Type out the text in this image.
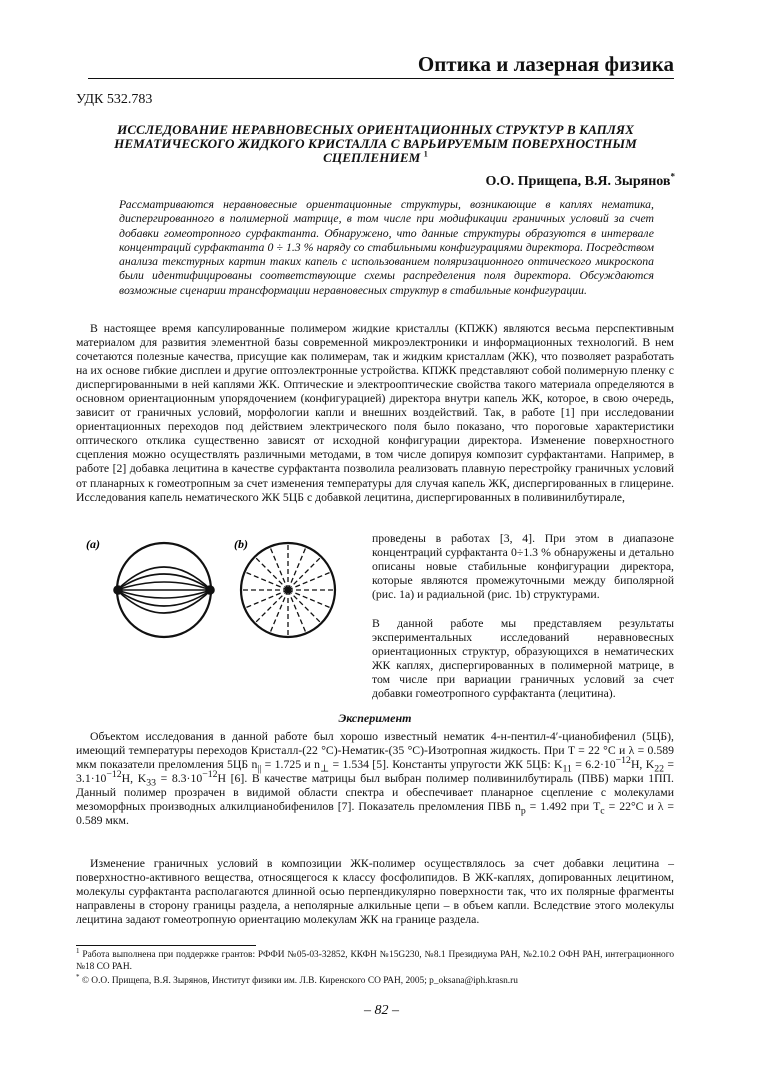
Оптика и лазерная физика
УДК 532.783
ИССЛЕДОВАНИЕ НЕРАВНОВЕСНЫХ ОРИЕНТАЦИОННЫХ СТРУКТУР В КАПЛЯХ НЕМАТИЧЕСКОГО ЖИДКОГО КРИСТАЛЛА С ВАРЬИРУЕМЫМ ПОВЕРХНОСТНЫМ СЦЕПЛЕНИЕМ $^1$
О.О. Прищепа, В.Я. Зырянов*
Рассматриваются неравновесные ориентационные структуры, возникающие в каплях нематика, диспергированного в полимерной матрице, в том числе при модификации граничных условий за счет добавки гомеотропного сурфактанта. Обнаружено, что данные структуры образуются в интервале концентраций сурфактанта 0 ÷ 1.3 % наряду со стабильными конфигурациями директора. Посредством анализа текстурных картин таких капель с использованием поляризационного оптического микроскопа были идентифицированы соответствующие схемы распределения поля директора. Обсуждаются возможные сценарии трансформации неравновесных структур в стабильные конфигурации.
В настоящее время капсулированные полимером жидкие кристаллы (КПЖК) являются весьма перспективным материалом для развития элементной базы современной микроэлектроники и информационных технологий. В нем сочетаются полезные качества, присущие как полимерам, так и жидким кристаллам (ЖК), что позволяет разработать на их основе гибкие дисплеи и другие оптоэлектронные устройства. КПЖК представляют собой полимерную пленку с диспергированными в ней каплями ЖК. Оптические и электрооптические свойства такого материала определяются в основном ориентационным упорядочением (конфигурацией) директора внутри капель ЖК, которое, в свою очередь, зависит от граничных условий, морфологии капли и внешних воздействий. Так, в работе [1] при исследовании ориентационных переходов под действием электрического поля было показано, что пороговые характеристики оптического отклика существенно зависят от исходной конфигурации директора. Изменение поверхностного сцепления можно осуществлять различными методами, в том числе допируя композит сурфактантами. Например, в работе [2] добавка лецитина в качестве сурфактанта позволила реализовать плавную перестройку граничных условий от планарных к гомеотропным за счет изменения температуры для случая капель ЖК, диспергированных в глицерине. Исследования капель нематического ЖК 5ЦБ с добавкой лецитина, диспергированных в поливинилбутирале,
(a)	(b)	проведены в работах [3, 4]. При этом в диапазоне концентраций сурфактанта 0÷1.3 % обнаружены и детально описаны новые стабильные конфигурации директора, которые являются промежуточными между биполярной (рис. 1a) и радиальной (рис. 1b) структурами.
В данной работе мы представляем результаты экспериментальных исследований неравновесных ориентационных структур, образующихся в нематических ЖК каплях, диспергированных в полимерной матрице, в том числе при вариации граничных условий за счет добавки гомеотропного сурфактанта (лецитина).
Эксперимент
Объектом исследования в данной работе был хорошо известный нематик 4-н-пентил-4′-цианобифенил (5ЦБ), имеющий температуры переходов Кристалл-(22 °С)-Нематик-(35 °С)-Изотропная жидкость. При T = 22 °C и λ = 0.589 мкм показатели преломления 5ЦБ $n_{||} = 1.725$ и $n_\perp = 1.534$ [5]. Константы упругости ЖК 5ЦБ: $K_{11} = 6.2\cdot 10^{-12}Н$, $K_{22} = 3.1\cdot 10^{-12}Н$, $K_{33} = 8.3\cdot 10^{-12}Н$ [6]. В качестве матрицы был выбран полимер поливинилбутираль (ПВБ) марки 1ПП. Данный полимер прозрачен в видимой области спектра и обеспечивает планарное сцепление с молекулами мезоморфных производных алкилцианобифенилов [7]. Показатель преломления ПВБ $n_p = 1.492$ при $T_c = 22^\circ C$ и λ = 0.589 мкм.
Изменение граничных условий в композиции ЖК-полимер осуществлялось за счет добавки лецитина – поверхностно-активного вещества, относящегося к классу фосфолипидов. В ЖК-каплях, допированных лецитином, молекулы сурфактанта располагаются длинной осью перпендикулярно поверхности так, что их полярные фрагменты направлены в сторону границы раздела, а неполярные алкильные цепи – в объем капли. Вследствие этого молекулы лецитина задают гомеотропную ориентацию молекулам ЖК на границе раздела.
$^1$ Работа выполнена при поддержке грантов: РФФИ №05-03-32852, ККФН №15G230, №8.1 Президиума РАН, №2.10.2 ОФН РАН, интеграционного №18 СО РАН.
* © О.О. Прищепа, В.Я. Зырянов, Институт физики им. Л.В. Киренского СО РАН, 2005; p_oksana@iph.krasn.ru
– 82 –
